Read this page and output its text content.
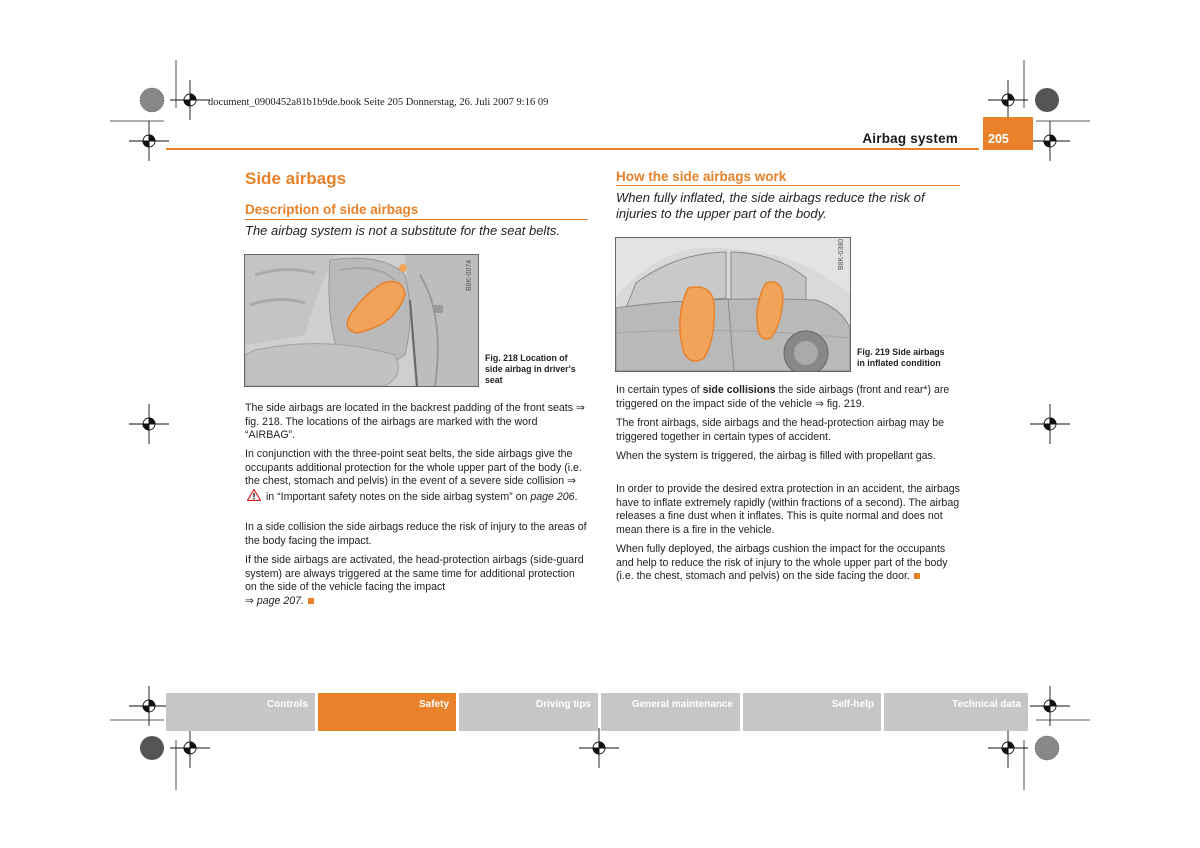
document_0900452a81b1b9de.book Seite 205 Donnerstag, 26. Juli 2007 9:16 09
Airbag system	205
Side airbags
Description of side airbags
The airbag system is not a substitute for the seat belts.
B8K-0074
Fig. 218 Location of
side airbag in driver's
seat
The side airbags are located in the backrest padding of the front seats ⇒ fig. 218. The locations of the airbags are marked with the word “AIRBAG”.
In conjunction with the three-point seat belts, the side airbags give the occupants additional protection for the whole upper part of the body (i.e. the chest, stomach and pelvis) in the event of a severe side collision ⇒  in “Important safety notes on the side airbag system” on page 206.
In a side collision the side airbags reduce the risk of injury to the areas of the body facing the impact.
If the side airbags are activated, the head-protection airbags (side-guard system) are always triggered at the same time for additional protection on the side of the vehicle facing the impact
⇒ page 207.
How the side airbags work
When fully inflated, the side airbags reduce the risk of injuries to the upper part of the body.
B8K-0380
Fig. 219 Side airbags
in inflated condition
In certain types of side collisions the side airbags (front and rear*) are triggered on the impact side of the vehicle ⇒ fig. 219.
The front airbags, side airbags and the head-protection airbag may be triggered together in certain types of accident.
When the system is triggered, the airbag is filled with propellant gas.
In order to provide the desired extra protection in an accident, the airbags have to inflate extremely rapidly (within fractions of a second). The airbag releases a fine dust when it inflates. This is quite normal and does not mean there is a fire in the vehicle.
When fully deployed, the airbags cushion the impact for the occupants and help to reduce the risk of injury to the whole upper part of the body (i.e. the chest, stomach and pelvis) on the side facing the door.
Controls	Safety	Driving tips	General maintenance	Self-help	Technical data
